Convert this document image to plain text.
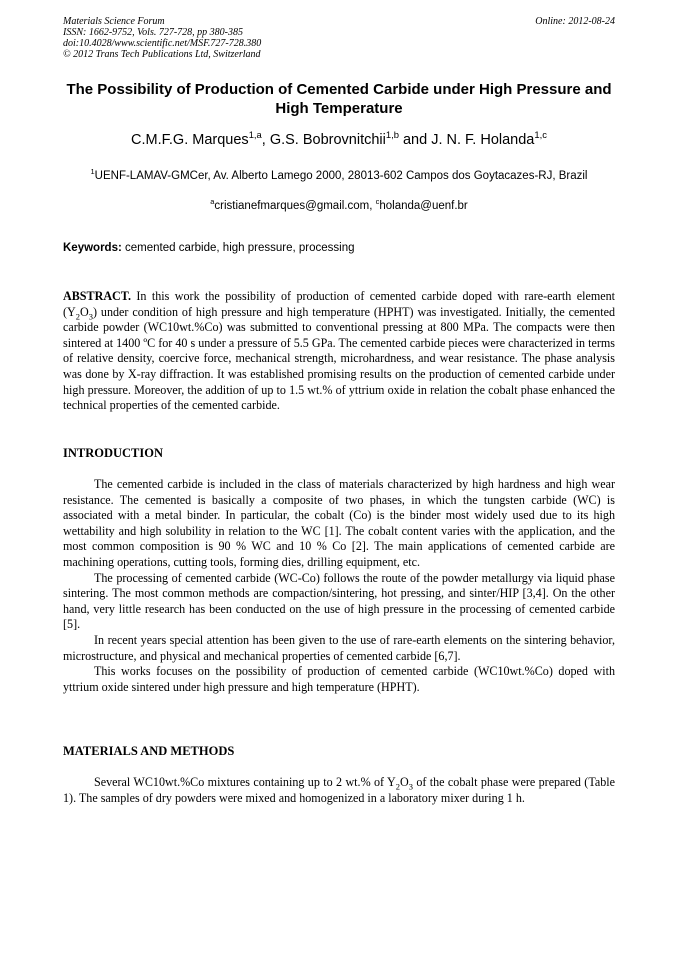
Materials Science Forum
ISSN: 1662-9752, Vols. 727-728, pp 380-385
doi:10.4028/www.scientific.net/MSF.727-728.380
© 2012 Trans Tech Publications Ltd, Switzerland
Online: 2012-08-24
The Possibility of Production of Cemented Carbide under High Pressure and High Temperature
C.M.F.G. Marques$^{1,a}$, G.S. Bobrovnitchii$^{1,b}$ and J. N. F. Holanda$^{1,c}$
$^1$UENF-LAMAV-GMCer, Av. Alberto Lamego 2000, 28013-602 Campos dos Goytacazes-RJ, Brazil
$^a$cristianefmarques@gmail.com, $^c$holanda@uenf.br
Keywords: cemented carbide, high pressure, processing

ABSTRACT. In this work the possibility of production of cemented carbide doped with rare-earth element $(Y_2O_3)$ under condition of high pressure and high temperature (HPHT) was investigated. Initially, the cemented carbide powder (WC10wt.%Co) was submitted to conventional pressing at 800 MPa. The compacts were then sintered at 1400 ºC for 40 s under a pressure of 5.5 GPa. The cemented carbide pieces were characterized in terms of relative density, coercive force, mechanical strength, microhardness, and wear resistance. The phase analysis was done by X-ray diffraction. It was established promising results on the production of cemented carbide under high pressure. Moreover, the addition of up to 1.5 wt.% of yttrium oxide in relation the cobalt phase enhanced the technical properties of the cemented carbide.

INTRODUCTION

The cemented carbide is included in the class of materials characterized by high hardness and high wear resistance. The cemented is basically a composite of two phases, in which the tungsten carbide (WC) is associated with a metal binder. In particular, the cobalt (Co) is the binder most widely used due to its high wettability and high solubility in relation to the WC [1]. The cobalt content varies with the application, and the most common composition is 90 % WC and 10 % Co [2]. The main applications of cemented carbide are machining operations, cutting tools, forming dies, drilling equipment, etc.

The processing of cemented carbide (WC-Co) follows the route of the powder metallurgy via liquid phase sintering. The most common methods are compaction/sintering, hot pressing, and sinter/HIP [3,4]. On the other hand, very little research has been conducted on the use of high pressure in the processing of cemented carbide [5].

In recent years special attention has been given to the use of rare-earth elements on the sintering behavior, microstructure, and physical and mechanical properties of cemented carbide [6,7].

This works focuses on the possibility of production of cemented carbide (WC10wt.%Co) doped with yttrium oxide sintered under high pressure and high temperature (HPHT).

MATERIALS AND METHODS

Several WC10wt.%Co mixtures containing up to 2 wt.% of $Y_2O_3$ of the cobalt phase were prepared (Table 1). The samples of dry powders were mixed and homogenized in a laboratory mixer during 1 h.
